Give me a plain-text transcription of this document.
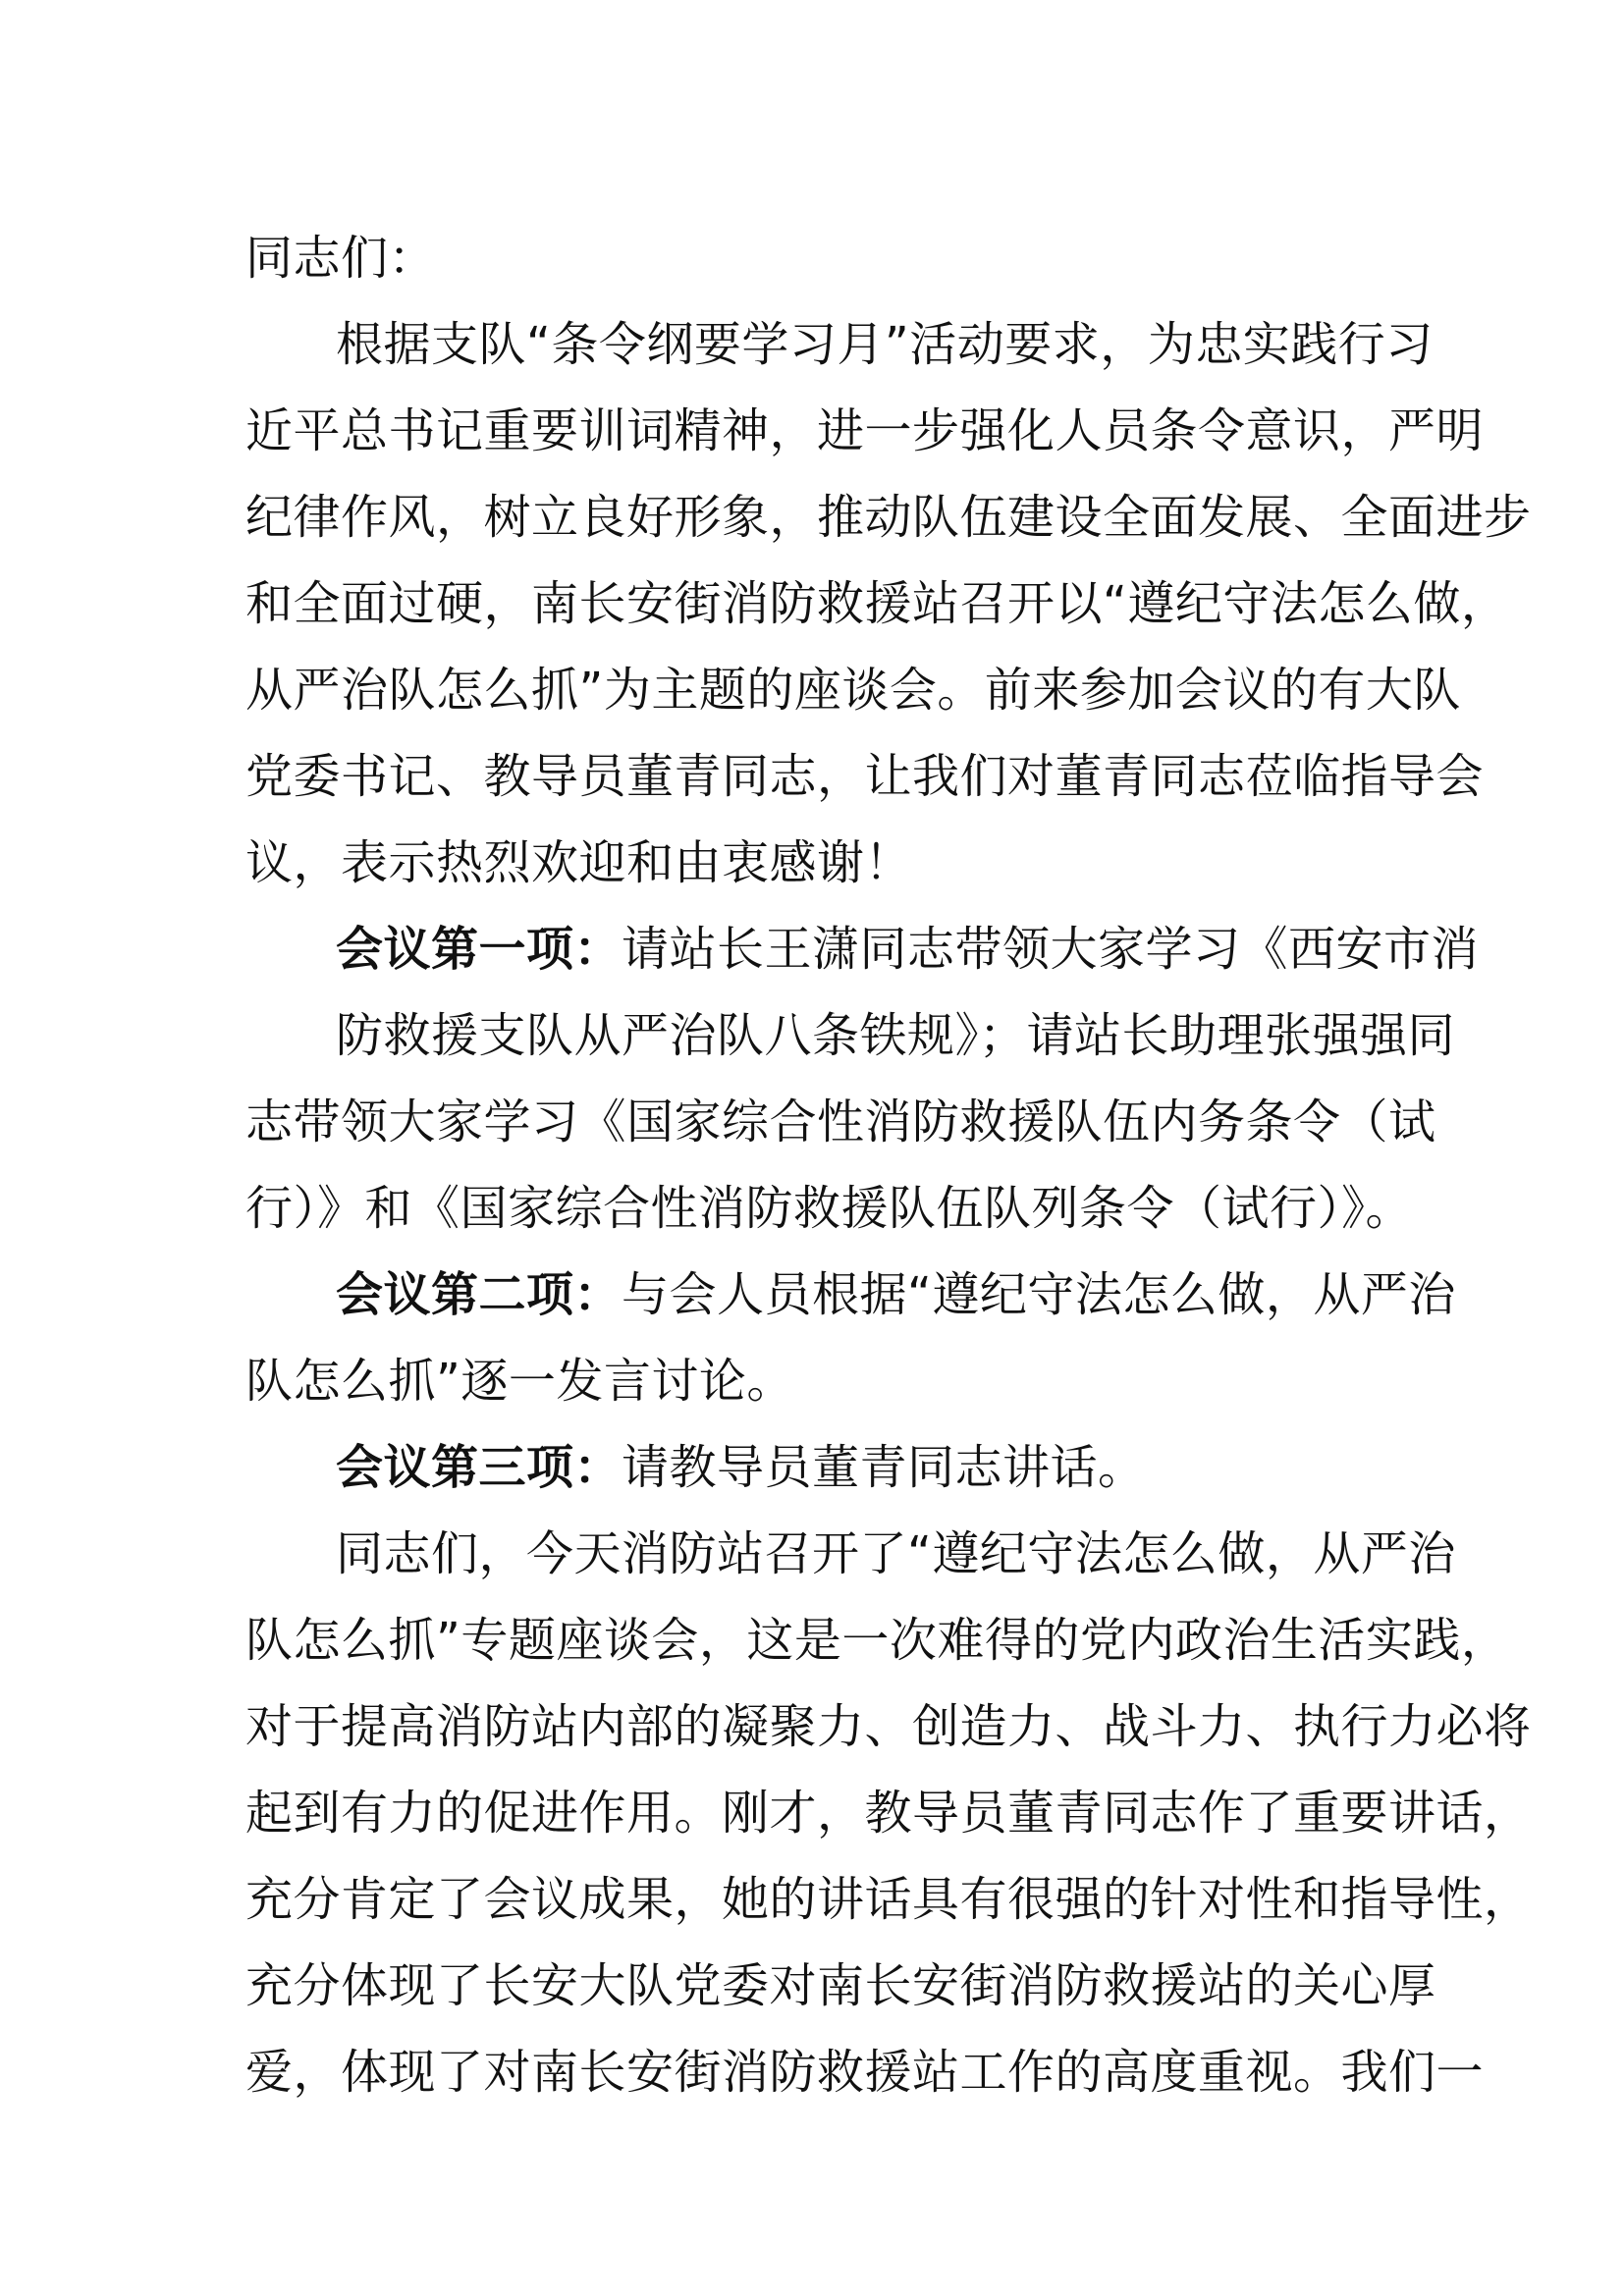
同志们：
根据支队“条令纲要学习月”活动要求，为忠实践行习
近平总书记重要训词精神，进一步强化人员条令意识，严明
纪律作风，树立良好形象，推动队伍建设全面发展、全面进步
和全面过硬，南长安街消防救援站召开以“遵纪守法怎么做，
从严治队怎么抓”为主题的座谈会。前来参加会议的有大队
党委书记、教导员董青同志，让我们对董青同志莅临指导会
议，表示热烈欢迎和由衷感谢！
会议第一项：请站长王潇同志带领大家学习《西安市消
防救援支队从严治队八条铁规》；请站长助理张强强同
志带领大家学习《国家综合性消防救援队伍内务条令（试
行）》和《国家综合性消防救援队伍队列条令（试行）》。
会议第二项：与会人员根据“遵纪守法怎么做，从严治
队怎么抓”逐一发言讨论。
会议第三项：请教导员董青同志讲话。
同志们，今天消防站召开了“遵纪守法怎么做，从严治
队怎么抓”专题座谈会，这是一次难得的党内政治生活实践，
对于提高消防站内部的凝聚力、创造力、战斗力、执行力必将
起到有力的促进作用。刚才，教导员董青同志作了重要讲话，
充分肯定了会议成果，她的讲话具有很强的针对性和指导性，
充分体现了长安大队党委对南长安街消防救援站的关心厚
爱，体现了对南长安街消防救援站工作的高度重视。我们一
